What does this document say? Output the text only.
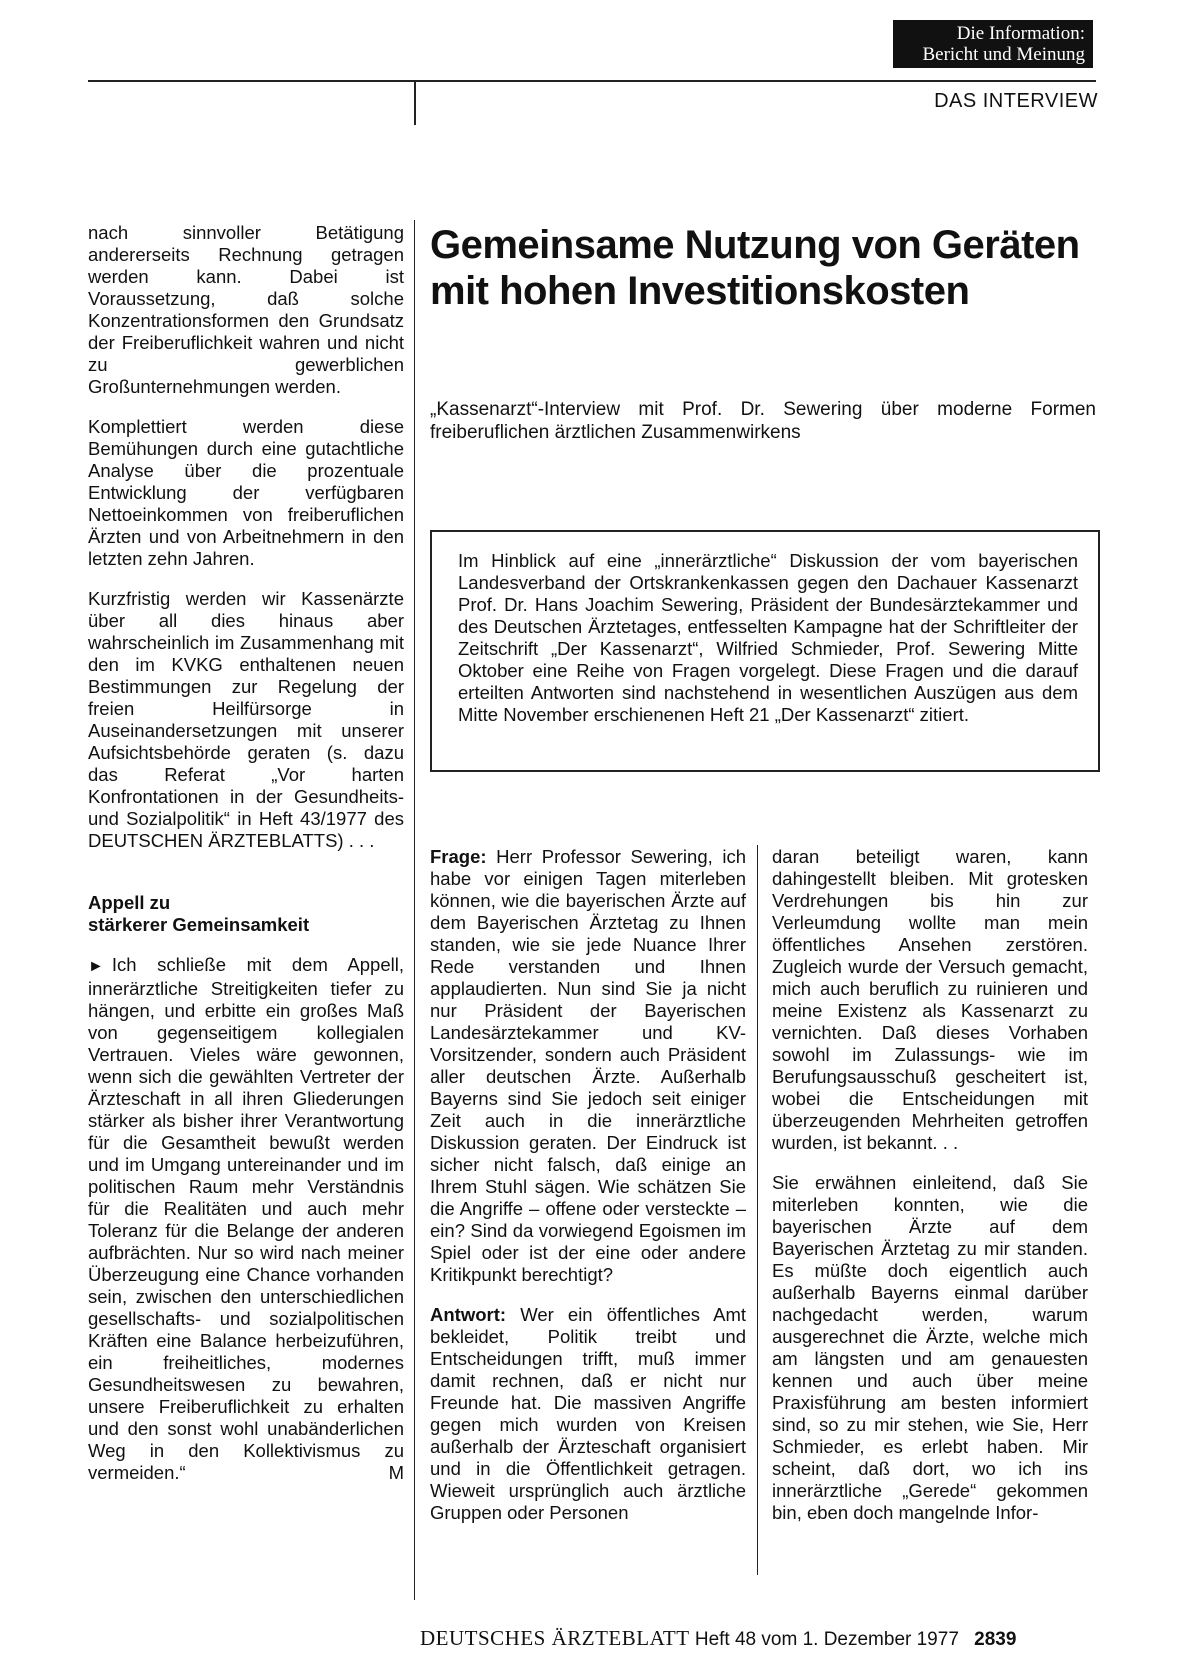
Die Information:
Bericht und Meinung
DAS INTERVIEW

nach sinnvoller Betätigung andererseits Rechnung getragen werden kann. Dabei ist Voraussetzung, daß solche Konzentrationsformen den Grundsatz der Freiberuflichkeit wahren und nicht zu gewerblichen Großunternehmungen werden.

Komplettiert werden diese Bemühungen durch eine gutachtliche Analyse über die prozentuale Entwicklung der verfügbaren Nettoeinkommen von freiberuflichen Ärzten und von Arbeitnehmern in den letzten zehn Jahren.

Kurzfristig werden wir Kassenärzte über all dies hinaus aber wahrscheinlich im Zusammenhang mit den im KVKG enthaltenen neuen Bestimmungen zur Regelung der freien Heilfürsorge in Auseinandersetzungen mit unserer Aufsichtsbehörde geraten (s. dazu das Referat „Vor harten Konfrontationen in der Gesundheits- und Sozialpolitik“ in Heft 43/1977 des DEUTSCHEN ÄRZTEBLATTS) . . .

Appell zu
stärkerer Gemeinsamkeit

► Ich schließe mit dem Appell, innerärztliche Streitigkeiten tiefer zu hängen, und erbitte ein großes Maß von gegenseitigem kollegialen Vertrauen. Vieles wäre gewonnen, wenn sich die gewählten Vertreter der Ärzteschaft in all ihren Gliederungen stärker als bisher ihrer Verantwortung für die Gesamtheit bewußt werden und im Umgang untereinander und im politischen Raum mehr Verständnis für die Realitäten und auch mehr Toleranz für die Belange der anderen aufbrächten. Nur so wird nach meiner Überzeugung eine Chance vorhanden sein, zwischen den unterschiedlichen gesellschafts- und sozialpolitischen Kräften eine Balance herbeizuführen, ein freiheitliches, modernes Gesundheitswesen zu bewahren, unsere Freiberuflichkeit zu erhalten und den sonst wohl unabänderlichen Weg in den Kollektivismus zu vermeiden.“	M

Gemeinsame Nutzung von Geräten mit hohen Investitionskosten
„Kassenarzt“-Interview mit Prof. Dr. Sewering über moderne Formen freiberuflichen ärztlichen Zusammenwirkens
Im Hinblick auf eine „innerärztliche“ Diskussion der vom bayerischen Landesverband der Ortskrankenkassen gegen den Dachauer Kassenarzt Prof. Dr. Hans Joachim Sewering, Präsident der Bundesärztekammer und des Deutschen Ärztetages, entfesselten Kampagne hat der Schriftleiter der Zeitschrift „Der Kassenarzt“, Wilfried Schmieder, Prof. Sewering Mitte Oktober eine Reihe von Fragen vorgelegt. Diese Fragen und die darauf erteilten Antworten sind nachstehend in wesentlichen Auszügen aus dem Mitte November erschienenen Heft 21 „Der Kassenarzt“ zitiert.

Frage: Herr Professor Sewering, ich habe vor einigen Tagen miterleben können, wie die bayerischen Ärzte auf dem Bayerischen Ärztetag zu Ihnen standen, wie sie jede Nuance Ihrer Rede verstanden und Ihnen applaudierten. Nun sind Sie ja nicht nur Präsident der Bayerischen Landesärztekammer und KV-Vorsitzender, sondern auch Präsident aller deutschen Ärzte. Außerhalb Bayerns sind Sie jedoch seit einiger Zeit auch in die innerärztliche Diskussion geraten. Der Eindruck ist sicher nicht falsch, daß einige an Ihrem Stuhl sägen. Wie schätzen Sie die Angriffe – offene oder versteckte – ein? Sind da vorwiegend Egoismen im Spiel oder ist der eine oder andere Kritikpunkt berechtigt?

Antwort: Wer ein öffentliches Amt bekleidet, Politik treibt und Entscheidungen trifft, muß immer damit rechnen, daß er nicht nur Freunde hat. Die massiven Angriffe gegen mich wurden von Kreisen außerhalb der Ärzteschaft organisiert und in die Öffentlichkeit getragen. Wieweit ursprünglich auch ärztliche Gruppen oder Personen

daran beteiligt waren, kann dahingestellt bleiben. Mit grotesken Verdrehungen bis hin zur Verleumdung wollte man mein öffentliches Ansehen zerstören. Zugleich wurde der Versuch gemacht, mich auch beruflich zu ruinieren und meine Existenz als Kassenarzt zu vernichten. Daß dieses Vorhaben sowohl im Zulassungs- wie im Berufungsausschuß gescheitert ist, wobei die Entscheidungen mit überzeugenden Mehrheiten getroffen wurden, ist bekannt. . .

Sie erwähnen einleitend, daß Sie miterleben konnten, wie die bayerischen Ärzte auf dem Bayerischen Ärztetag zu mir standen. Es müßte doch eigentlich auch außerhalb Bayerns einmal darüber nachgedacht werden, warum ausgerechnet die Ärzte, welche mich am längsten und am genauesten kennen und auch über meine Praxisführung am besten informiert sind, so zu mir stehen, wie Sie, Herr Schmieder, es erlebt haben. Mir scheint, daß dort, wo ich ins innerärztliche „Gerede“ gekommen bin, eben doch mangelnde Infor-

DEUTSCHES ÄRZTEBLATT Heft 48 vom 1. Dezember 1977 2839
